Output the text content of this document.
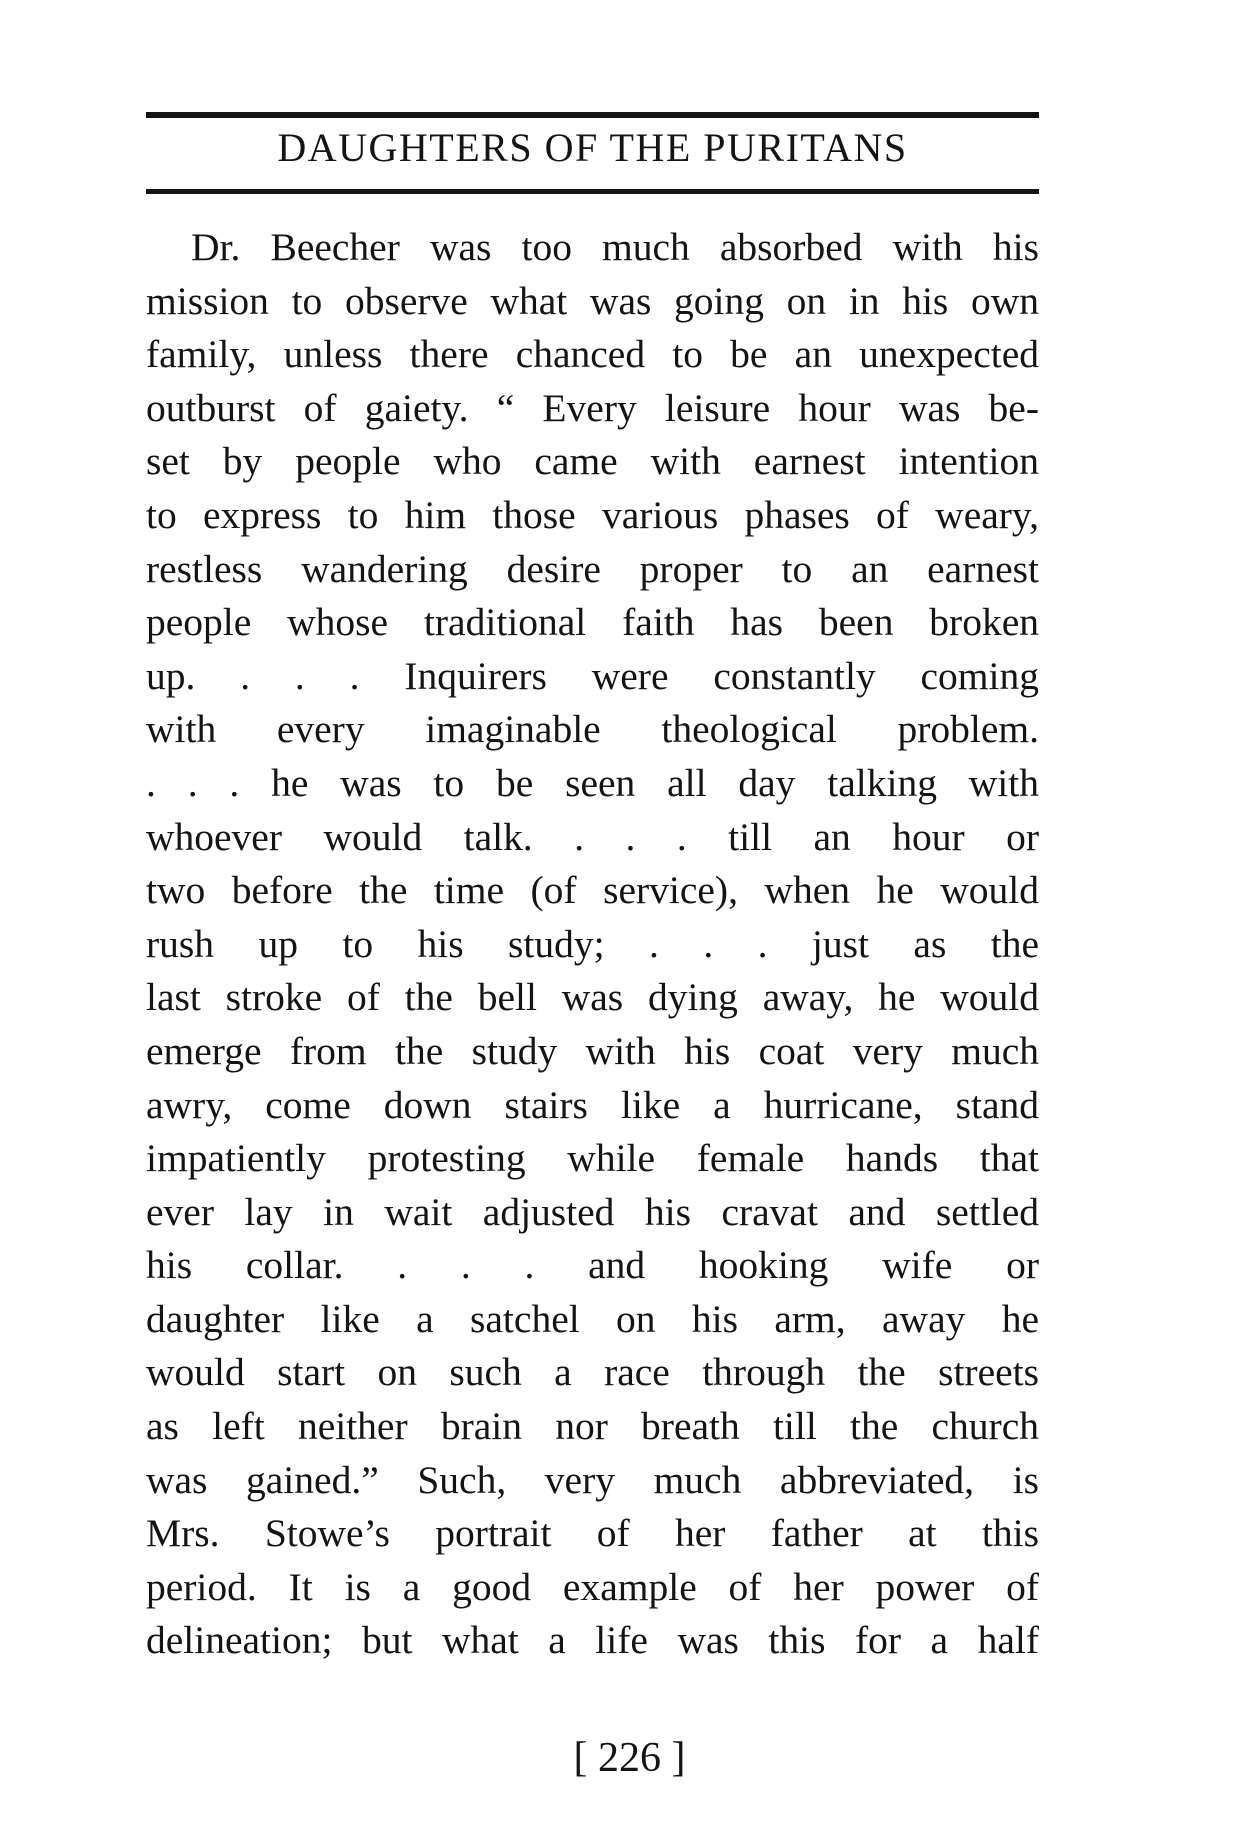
DAUGHTERS OF THE PURITANS
Dr. Beecher was too much absorbed with his
mission to observe what was going on in his own
family, unless there chanced to be an unexpected
outburst of gaiety. “ Every leisure hour was be-
set by people who came with earnest intention
to express to him those various phases of weary,
restless wandering desire proper to an earnest
people whose traditional faith has been broken
up. . . . Inquirers were constantly coming
with every imaginable theological problem.
. . . he was to be seen all day talking with
whoever would talk. . . . till an hour or
two before the time (of service), when he would
rush up to his study; . . . just as the
last stroke of the bell was dying away, he would
emerge from the study with his coat very much
awry, come down stairs like a hurricane, stand
impatiently protesting while female hands that
ever lay in wait adjusted his cravat and settled
his collar. . . . and hooking wife or
daughter like a satchel on his arm, away he
would start on such a race through the streets
as left neither brain nor breath till the church
was gained.” Such, very much abbreviated, is
Mrs. Stowe’s portrait of her father at this
period. It is a good example of her power of
delineation; but what a life was this for a half
[ 226 ]
